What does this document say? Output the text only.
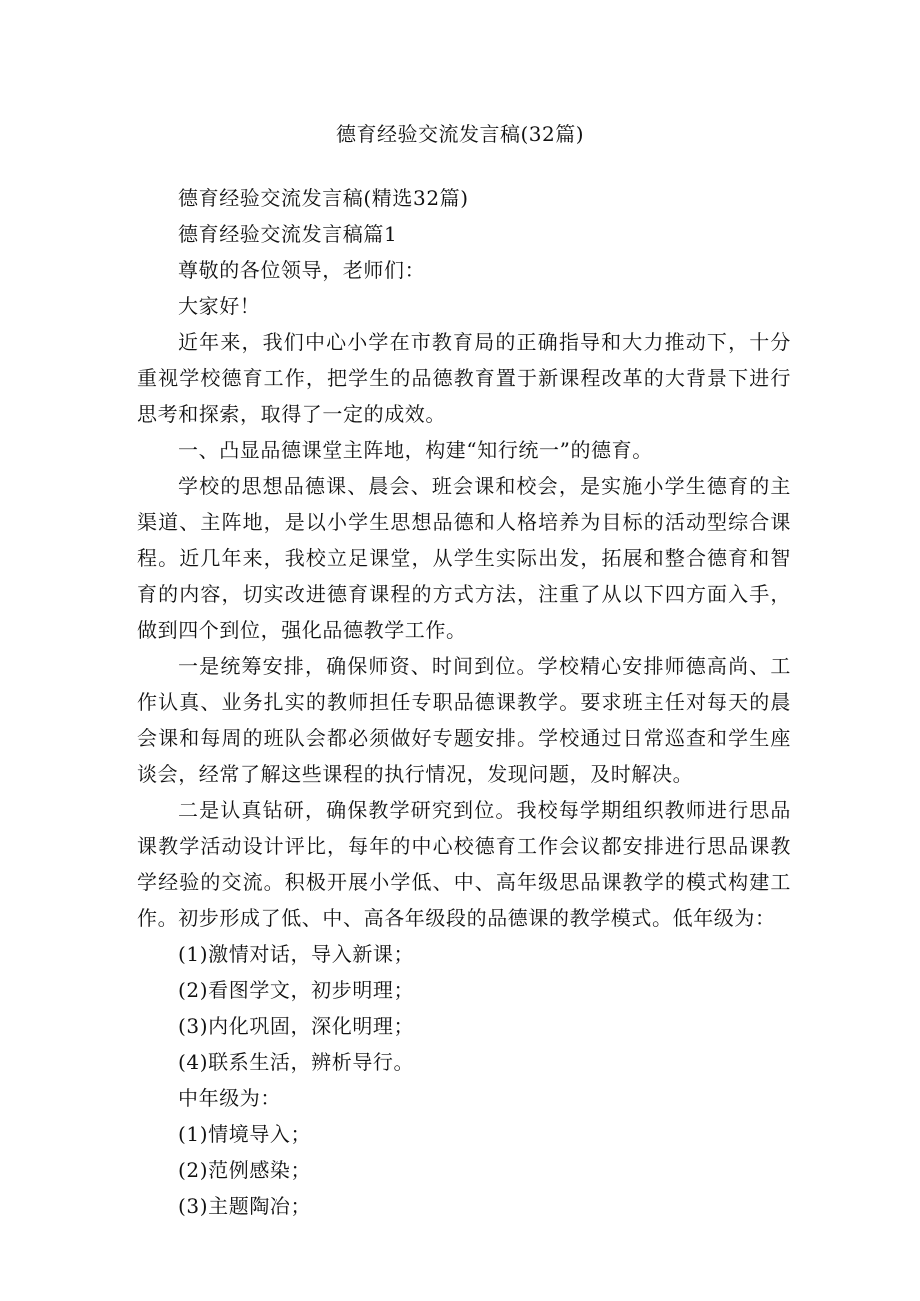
德育经验交流发言稿(32篇)

德育经验交流发言稿(精选32篇)

德育经验交流发言稿篇1

尊敬的各位领导，老师们：

大家好！

近年来，我们中心小学在市教育局的正确指导和大力推动下，十分重视学校德育工作，把学生的品德教育置于新课程改革的大背景下进行思考和探索，取得了一定的成效。

一、凸显品德课堂主阵地，构建“知行统一”的德育。

学校的思想品德课、晨会、班会课和校会，是实施小学生德育的主渠道、主阵地，是以小学生思想品德和人格培养为目标的活动型综合课程。近几年来，我校立足课堂，从学生实际出发，拓展和整合德育和智育的内容，切实改进德育课程的方式方法，注重了从以下四方面入手，做到四个到位，强化品德教学工作。

一是统筹安排，确保师资、时间到位。学校精心安排师德高尚、工作认真、业务扎实的教师担任专职品德课教学。要求班主任对每天的晨会课和每周的班队会都必须做好专题安排。学校通过日常巡查和学生座谈会，经常了解这些课程的执行情况，发现问题，及时解决。

二是认真钻研，确保教学研究到位。我校每学期组织教师进行思品课教学活动设计评比，每年的中心校德育工作会议都安排进行思品课教学经验的交流。积极开展小学低、中、高年级思品课教学的模式构建工作。初步形成了低、中、高各年级段的品德课的教学模式。低年级为：

(1)激情对话，导入新课；

(2)看图学文，初步明理；

(3)内化巩固，深化明理；

(4)联系生活，辨析导行。

中年级为：

(1)情境导入；

(2)范例感染；

(3)主题陶冶；
